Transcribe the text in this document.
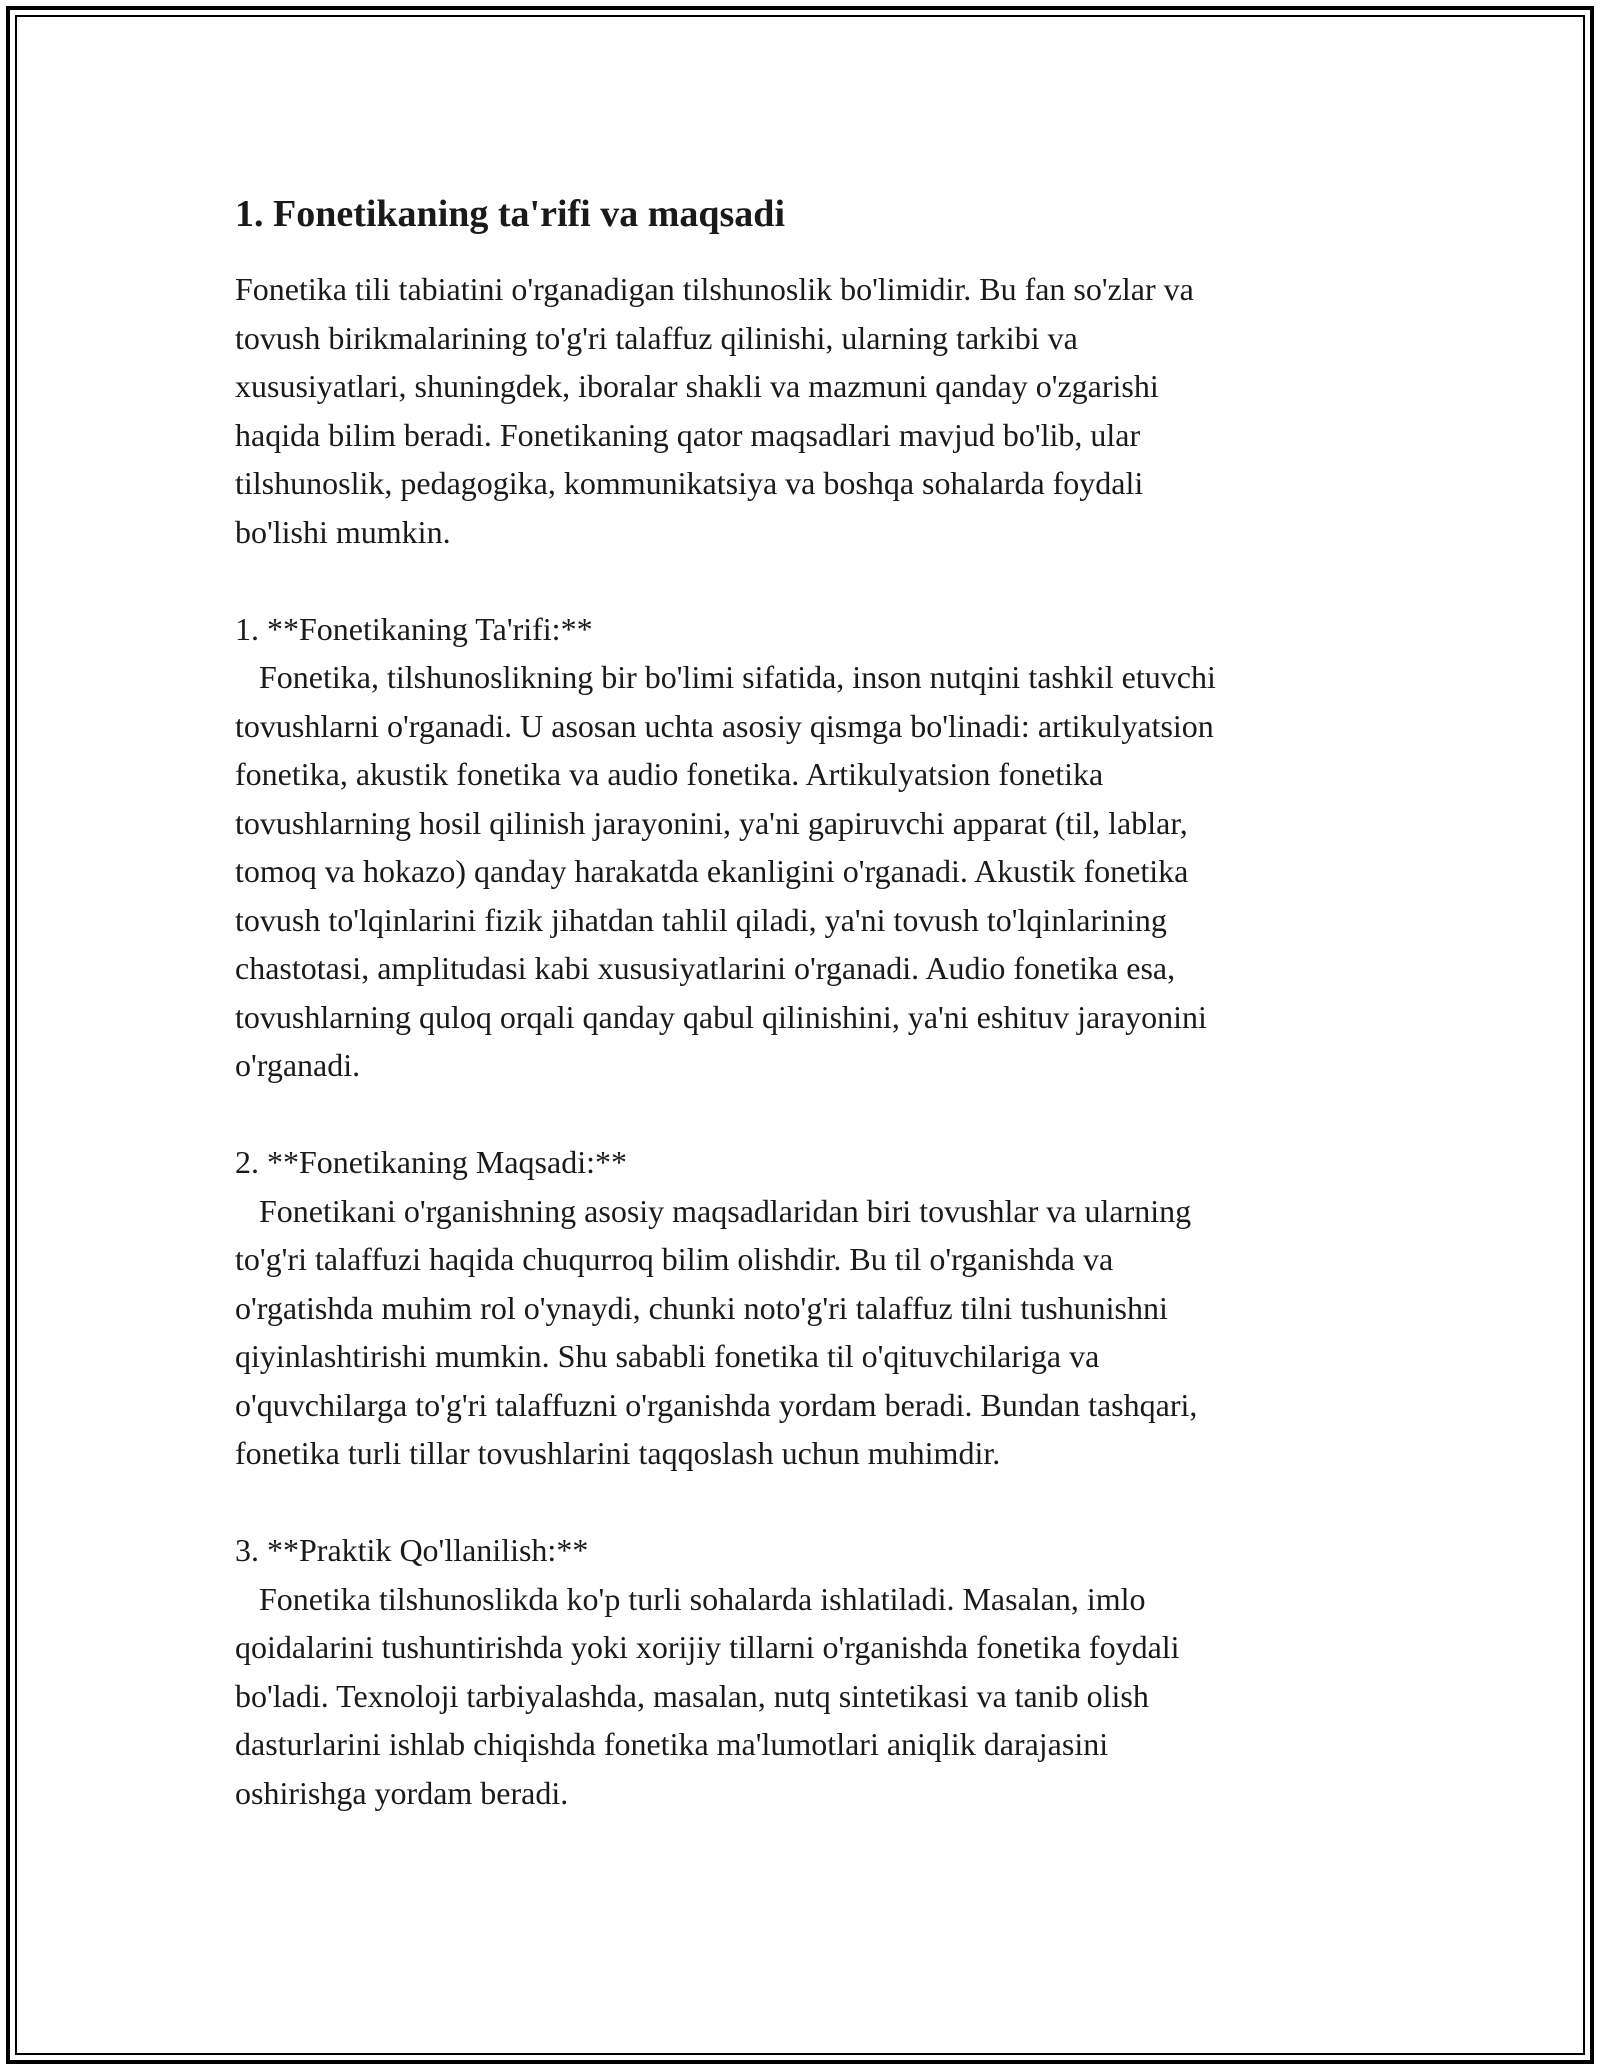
1. Fonetikaning ta'rifi va maqsadi

Fonetika tili tabiatini o'rganadigan tilshunoslik bo'limidir. Bu fan so'zlar va
tovush birikmalarining to'g'ri talaffuz qilinishi, ularning tarkibi va
xususiyatlari, shuningdek, iboralar shakli va mazmuni qanday o'zgarishi
haqida bilim beradi. Fonetikaning qator maqsadlari mavjud bo'lib, ular
tilshunoslik, pedagogika, kommunikatsiya va boshqa sohalarda foydali
bo'lishi mumkin.

1. **Fonetikaning Ta'rifi:**

Fonetika, tilshunoslikning bir bo'limi sifatida, inson nutqini tashkil etuvchi
tovushlarni o'rganadi. U asosan uchta asosiy qismga bo'linadi: artikulyatsion
fonetika, akustik fonetika va audio fonetika. Artikulyatsion fonetika
tovushlarning hosil qilinish jarayonini, ya'ni gapiruvchi apparat (til, lablar,
tomoq va hokazo) qanday harakatda ekanligini o'rganadi. Akustik fonetika
tovush to'lqinlarini fizik jihatdan tahlil qiladi, ya'ni tovush to'lqinlarining
chastotasi, amplitudasi kabi xususiyatlarini o'rganadi. Audio fonetika esa,
tovushlarning quloq orqali qanday qabul qilinishini, ya'ni eshituv jarayonini
o'rganadi.

2. **Fonetikaning Maqsadi:**

Fonetikani o'rganishning asosiy maqsadlaridan biri tovushlar va ularning
to'g'ri talaffuzi haqida chuqurroq bilim olishdir. Bu til o'rganishda va
o'rgatishda muhim rol o'ynaydi, chunki noto'g'ri talaffuz tilni tushunishni
qiyinlashtirishi mumkin. Shu sababli fonetika til o'qituvchilariga va
o'quvchilarga to'g'ri talaffuzni o'rganishda yordam beradi. Bundan tashqari,
fonetika turli tillar tovushlarini taqqoslash uchun muhimdir.

3. **Praktik Qo'llanilish:**

Fonetika tilshunoslikda ko'p turli sohalarda ishlatiladi. Masalan, imlo
qoidalarini tushuntirishda yoki xorijiy tillarni o'rganishda fonetika foydali
bo'ladi. Texnoloji tarbiyalashda, masalan, nutq sintetikasi va tanib olish
dasturlarini ishlab chiqishda fonetika ma'lumotlari aniqlik darajasini
oshirishga yordam beradi.
